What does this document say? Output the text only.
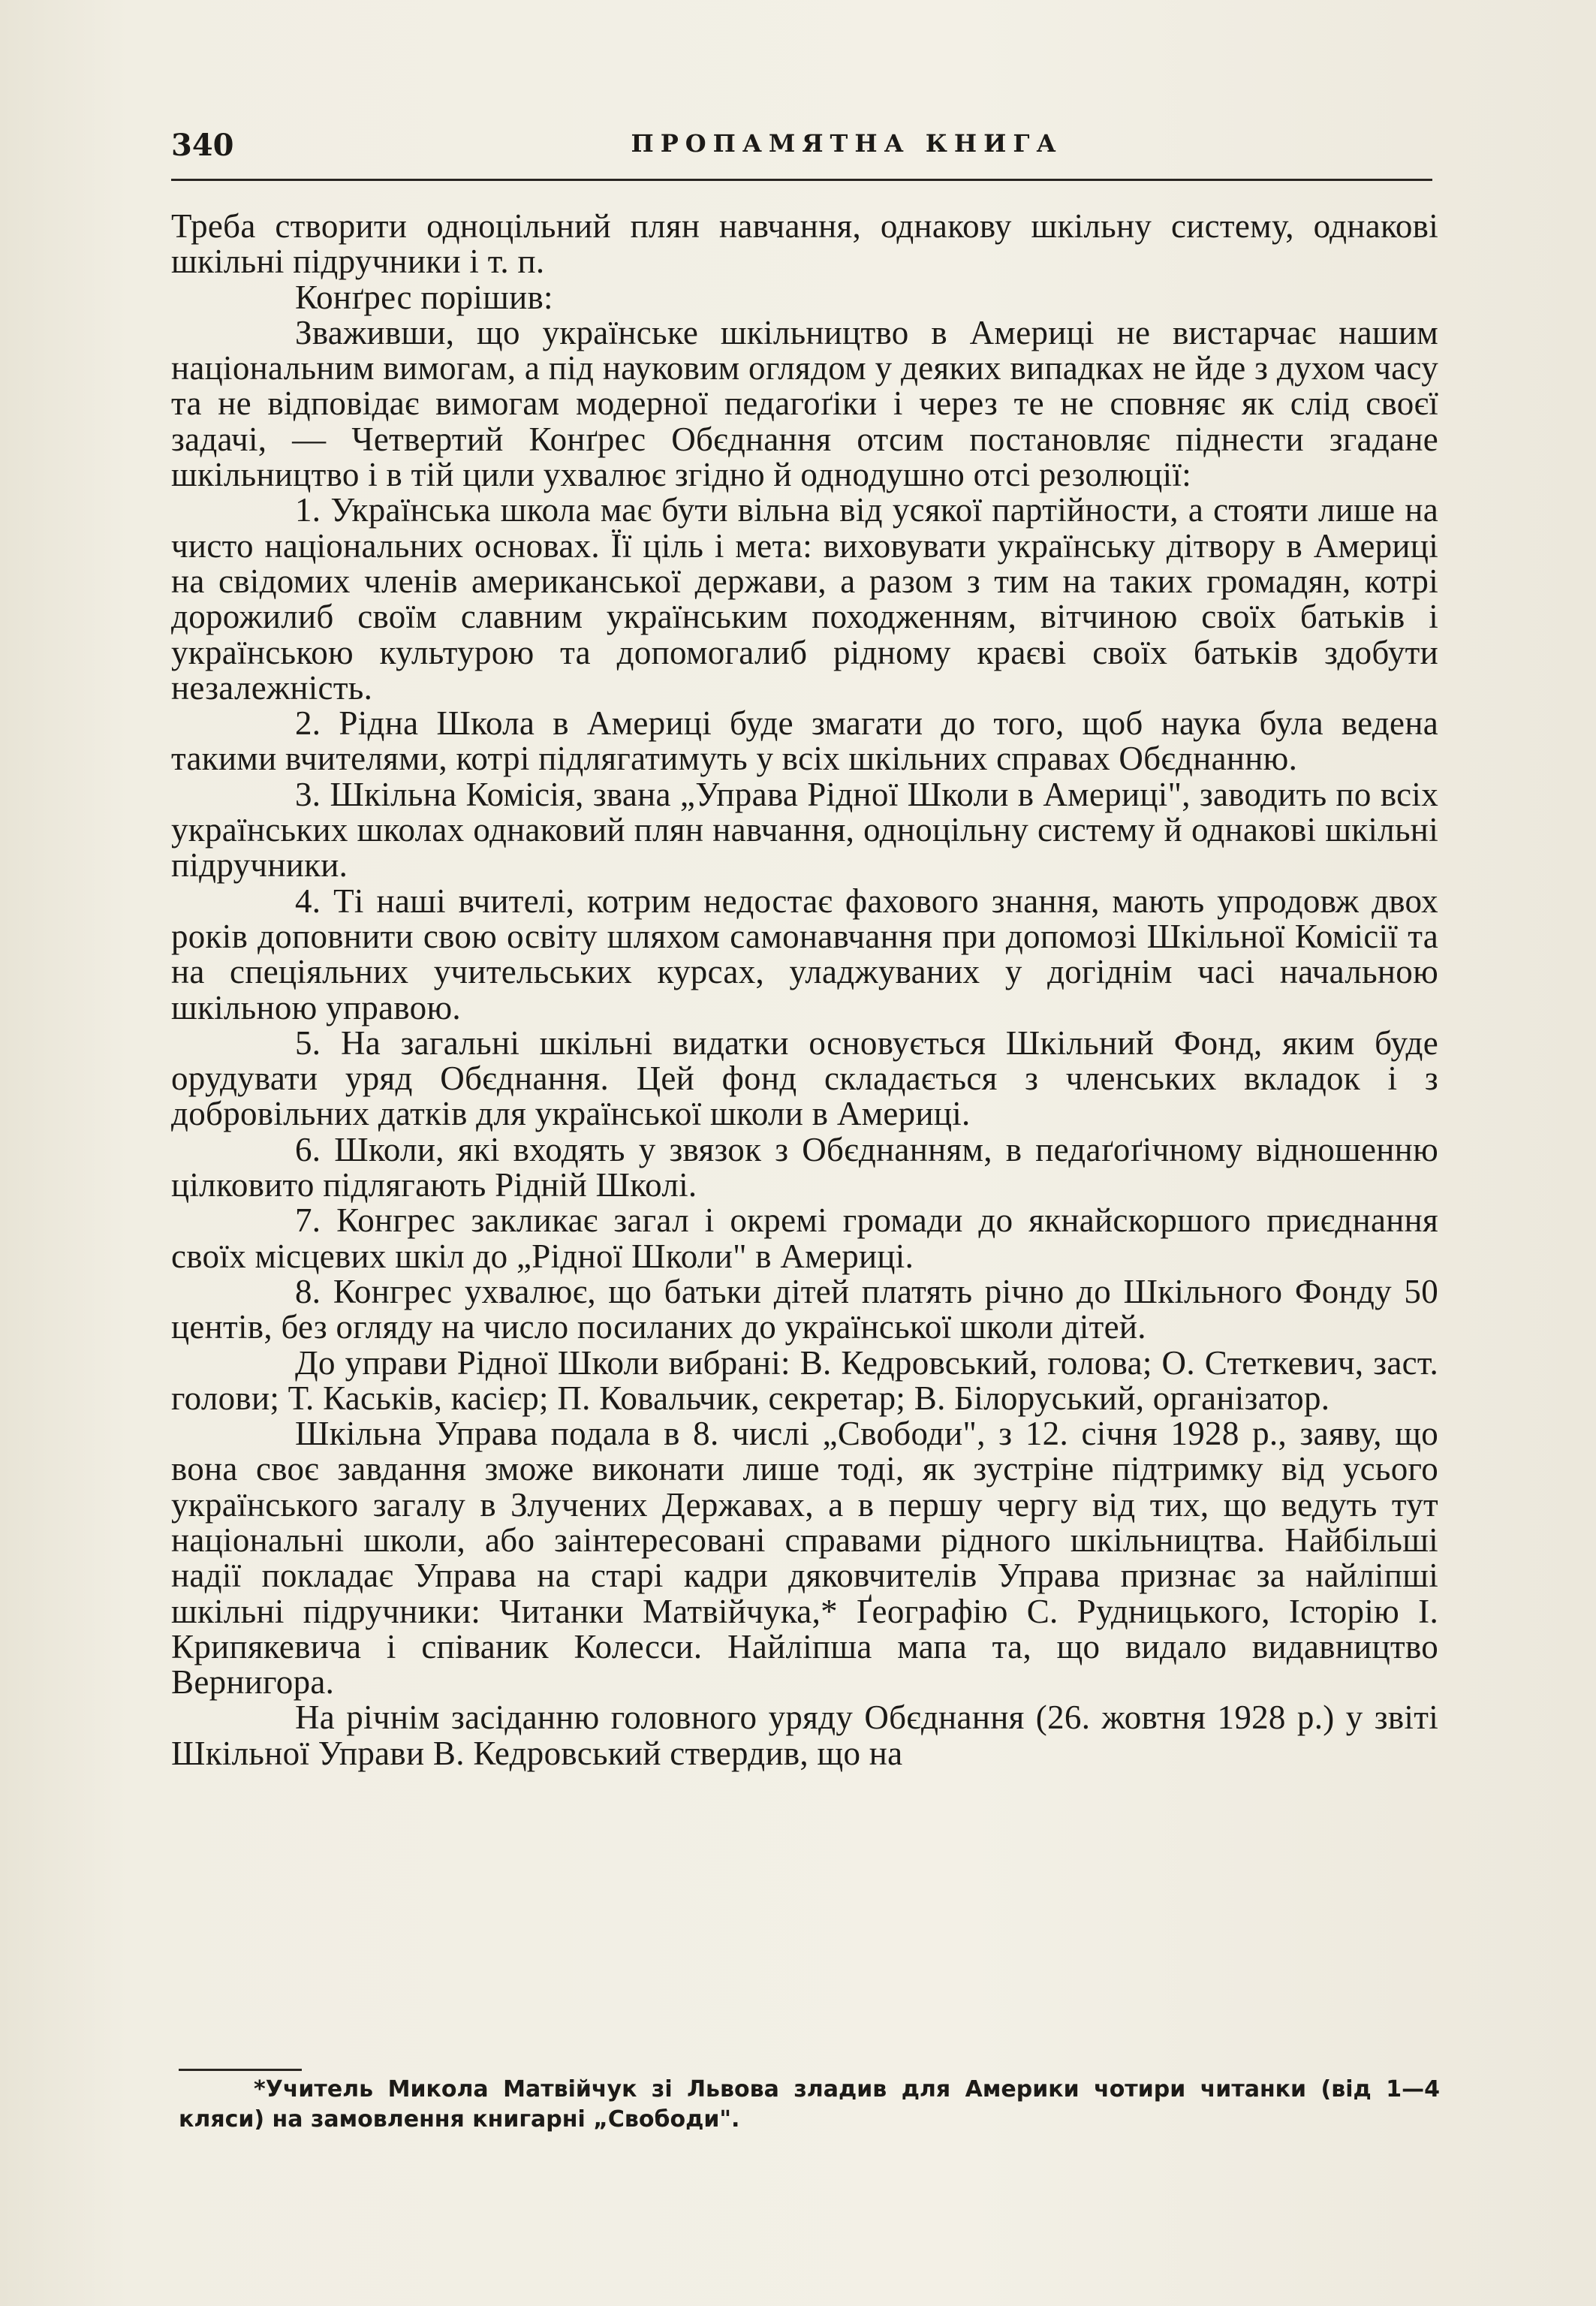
340	ПРОПАМЯТНА КНИГА

Треба створити одноцільний плян навчання, однакову шкільну систему, однакові шкільні підручники і т. п.

Конґрес порішив:

Зваживши, що українське шкільництво в Америці не вистарчає нашим національним вимогам, а під науковим оглядом у деяких випадках не йде з духом часу та не відповідає вимогам модерної педагоґіки і через те не сповняє як слід своєї задачі, — Четвертий Конґрес Обєднання отсим постановляє піднести згадане шкільництво і в тій цили ухвалює згідно й однодушно отсі резолюції:

1. Українська школа має бути вільна від усякої партійности, а стояти лише на чисто національних основах. Її ціль і мета: виховувати українську дітвору в Америці на свідомих членів американської держави, а разом з тим на таких громадян, котрі дорожилиб своїм славним українським походженням, вітчиною своїх батьків і українською культурою та допомогалиб рідному краєві своїх батьків здобути незалежність.

2. Рідна Школа в Америці буде змагати до того, щоб наука була ведена такими вчителями, котрі підлягатимуть у всіх шкільних справах Обєднанню.

3. Шкільна Комісія, звана „Управа Рідної Школи в Америці", заводить по всіх українських школах однаковий плян навчання, одноцільну систему й однакові шкільні підручники.

4. Ті наші вчителі, котрим недостає фахового знання, мають упродовж двох років доповнити свою освіту шляхом самонавчання при допомозі Шкільної Комісії та на спеціяльних учительських курсах, уладжуваних у догіднім часі начальною шкільною управою.

5. На загальні шкільні видатки основується Шкільний Фонд, яким буде орудувати уряд Обєднання. Цей фонд складається з членських вкладок і з добровільних датків для української школи в Америці.

6. Школи, які входять у звязок з Обєднанням, в педаґоґічному відношенню цілковито підлягають Рідній Школі.

7. Конгрес закликає загал і окремі громади до якнайскоршого приєднання своїх місцевих шкіл до „Рідної Школи" в Америці.

8. Конгрес ухвалює, що батьки дітей платять річно до Шкільного Фонду 50 центів, без огляду на число посиланих до української школи дітей.

До управи Рідної Школи вибрані: В. Кедровський, голова; О. Стеткевич, заст. голови; Т. Каськів, касієр; П. Ковальчик, секретар; В. Білоруський, організатор.

Шкільна Управа подала в 8. числі „Свободи", з 12. січня 1928 р., заяву, що вона своє завдання зможе виконати лише тоді, як зустріне підтримку від усього українського загалу в Злучених Державах, а в першу чергу від тих, що ведуть тут національні школи, або заінтересовані справами рідного шкільництва. Найбільші надії покладає Управа на старі кадри дяковчителів Управа признає за найліпші шкільні підручники: Читанки Матвійчука,* Ґеографію С. Рудницького, Історію І. Крипякевича і співаник Колесси. Найліпша мапа та, що видало видавництво Вернигора.

На річнім засіданню головного уряду Обєднання (26. жовтня 1928 р.) у звіті Шкільної Управи В. Кедровський ствердив, що на

*Учитель Микола Матвійчук зі Львова зладив для Америки чотири читанки (від 1—4 кляси) на замовлення книгарні „Свободи".
